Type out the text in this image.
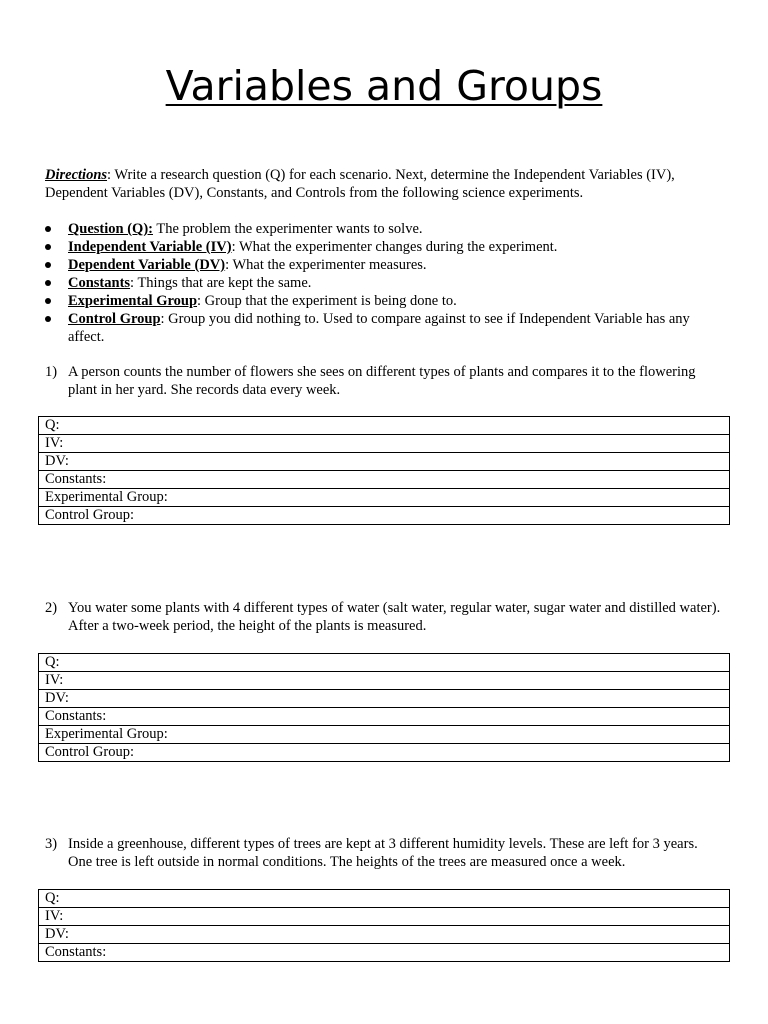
Variables and Groups
Directions: Write a research question (Q) for each scenario. Next, determine the Independent Variables (IV), Dependent Variables (DV), Constants, and Controls from the following science experiments.
Question (Q): The problem the experimenter wants to solve.
Independent Variable (IV): What the experimenter changes during the experiment.
Dependent Variable (DV): What the experimenter measures.
Constants: Things that are kept the same.
Experimental Group: Group that the experiment is being done to.
Control Group: Group you did nothing to. Used to compare against to see if Independent Variable has any affect.
1) A person counts the number of flowers she sees on different types of plants and compares it to the flowering plant in her yard. She records data every week.
Q:
IV:
DV:
Constants:
Experimental Group:
Control Group:
2) You water some plants with 4 different types of water (salt water, regular water, sugar water and distilled water). After a two-week period, the height of the plants is measured.
Q:
IV:
DV:
Constants:
Experimental Group:
Control Group:
3) Inside a greenhouse, different types of trees are kept at 3 different humidity levels. These are left for 3 years. One tree is left outside in normal conditions. The heights of the trees are measured once a week.
Q:
IV:
DV:
Constants:
